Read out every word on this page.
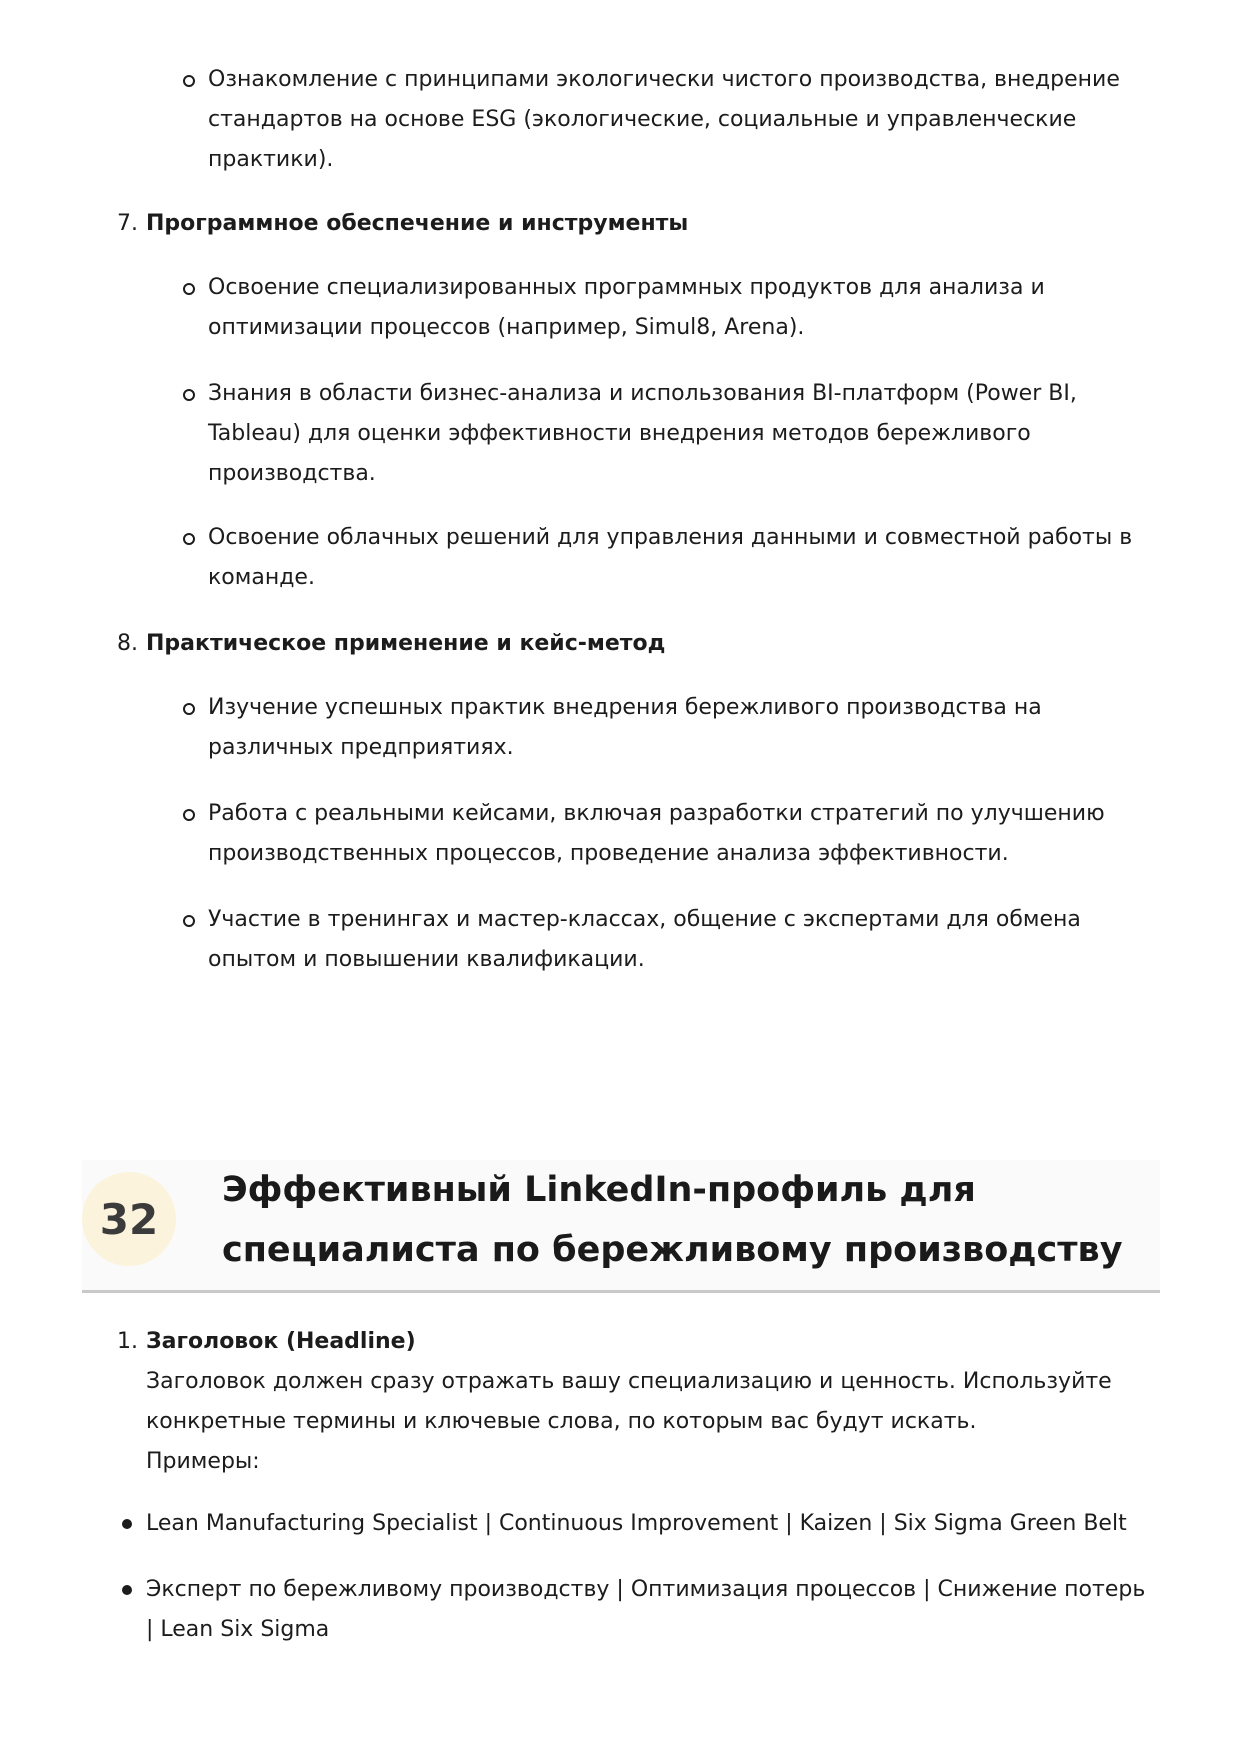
Ознакомление с принципами экологически чистого производства, внедрение стандартов на основе ESG (экологические, социальные и управленческие практики).
7. Программное обеспечение и инструменты
Освоение специализированных программных продуктов для анализа и оптимизации процессов (например, Simul8, Arena).
Знания в области бизнес-анализа и использования BI-платформ (Power BI, Tableau) для оценки эффективности внедрения методов бережливого производства.
Освоение облачных решений для управления данными и совместной работы в команде.
8. Практическое применение и кейс-метод
Изучение успешных практик внедрения бережливого производства на различных предприятиях.
Работа с реальными кейсами, включая разработки стратегий по улучшению производственных процессов, проведение анализа эффективности.
Участие в тренингах и мастер-классах, общение с экспертами для обмена опытом и повышении квалификации.
32
Эффективный LinkedIn-профиль для специалиста по бережливому производству
1. Заголовок (Headline)
Заголовок должен сразу отражать вашу специализацию и ценность. Используйте конкретные термины и ключевые слова, по которым вас будут искать.
Примеры:
Lean Manufacturing Specialist | Continuous Improvement | Kaizen | Six Sigma Green Belt
Эксперт по бережливому производству | Оптимизация процессов | Снижение потерь | Lean Six Sigma
